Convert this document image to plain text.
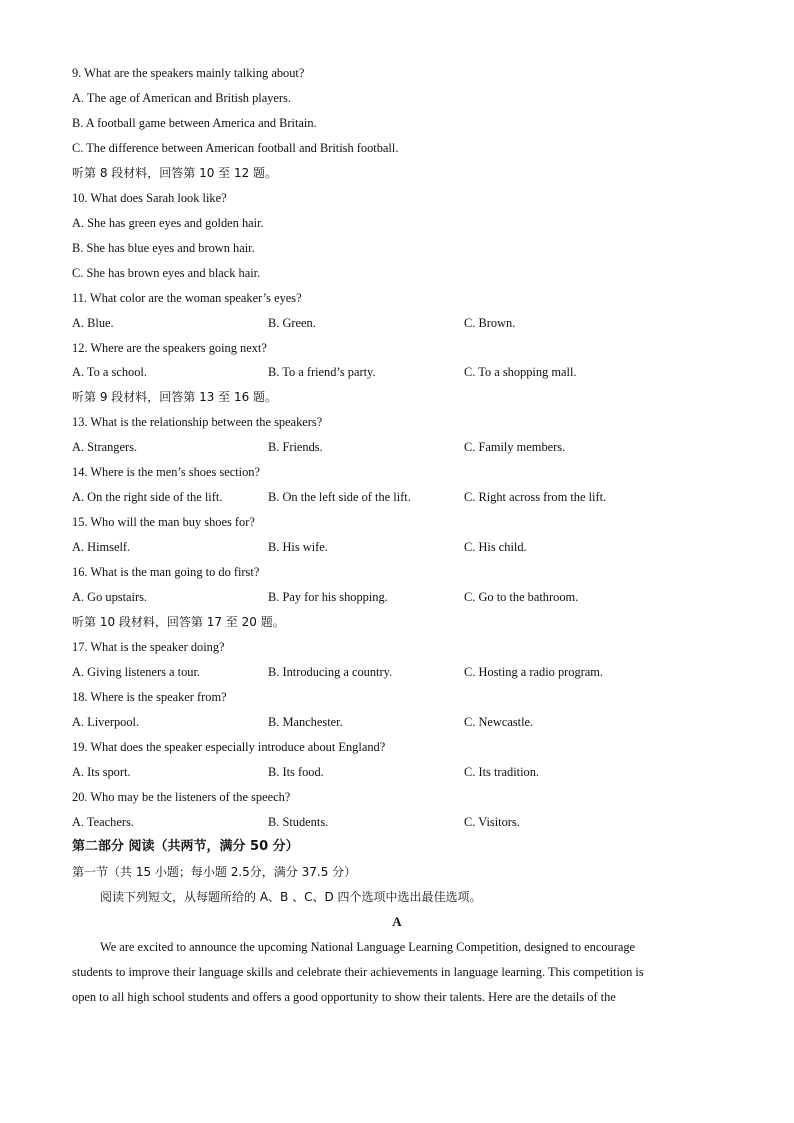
9. What are the speakers mainly talking about?
A. The age of American and British players.
B. A football game between America and Britain.
C. The difference between American football and British football.
听第 8 段材料，回答第 10 至 12 题。
10. What does Sarah look like?
A. She has green eyes and golden hair.
B. She has blue eyes and brown hair.
C. She has brown eyes and black hair.
11. What color are the woman speaker’s eyes?
A. Blue.	B. Green.	C. Brown.
12. Where are the speakers going next?
A. To a school.	B. To a friend’s party.	C. To a shopping mall.
听第 9 段材料，回答第 13 至 16 题。
13. What is the relationship between the speakers?
A. Strangers.	B. Friends.	C. Family members.
14. Where is the men’s shoes section?
A. On the right side of the lift.	B. On the left side of the lift.	C. Right across from the lift.
15. Who will the man buy shoes for?
A. Himself.	B. His wife.	C. His child.
16. What is the man going to do first?
A. Go upstairs.	B. Pay for his shopping.	C. Go to the bathroom.
听第 10 段材料，回答第 17 至 20 题。
17. What is the speaker doing?
A. Giving listeners a tour.	B. Introducing a country.	C. Hosting a radio program.
18. Where is the speaker from?
A. Liverpool.	B. Manchester.	C. Newcastle.
19. What does the speaker especially introduce about England?
A. Its sport.	B. Its food.	C. Its tradition.
20. Who may be the listeners of the speech?
A. Teachers.	B. Students.	C. Visitors.
第二部分 阅读（共两节，满分 50 分）
第一节（共 15 小题；每小题 2.5分，满分 37.5 分）
阅读下列短文，从每题所给的 A、B 、C、D 四个选项中选出最佳选项。
A
We are excited to announce the upcoming National Language Learning Competition, designed to encourage
students to improve their language skills and celebrate their achievements in language learning. This competition is
open to all high school students and offers a good opportunity to show their talents. Here are the details of the
